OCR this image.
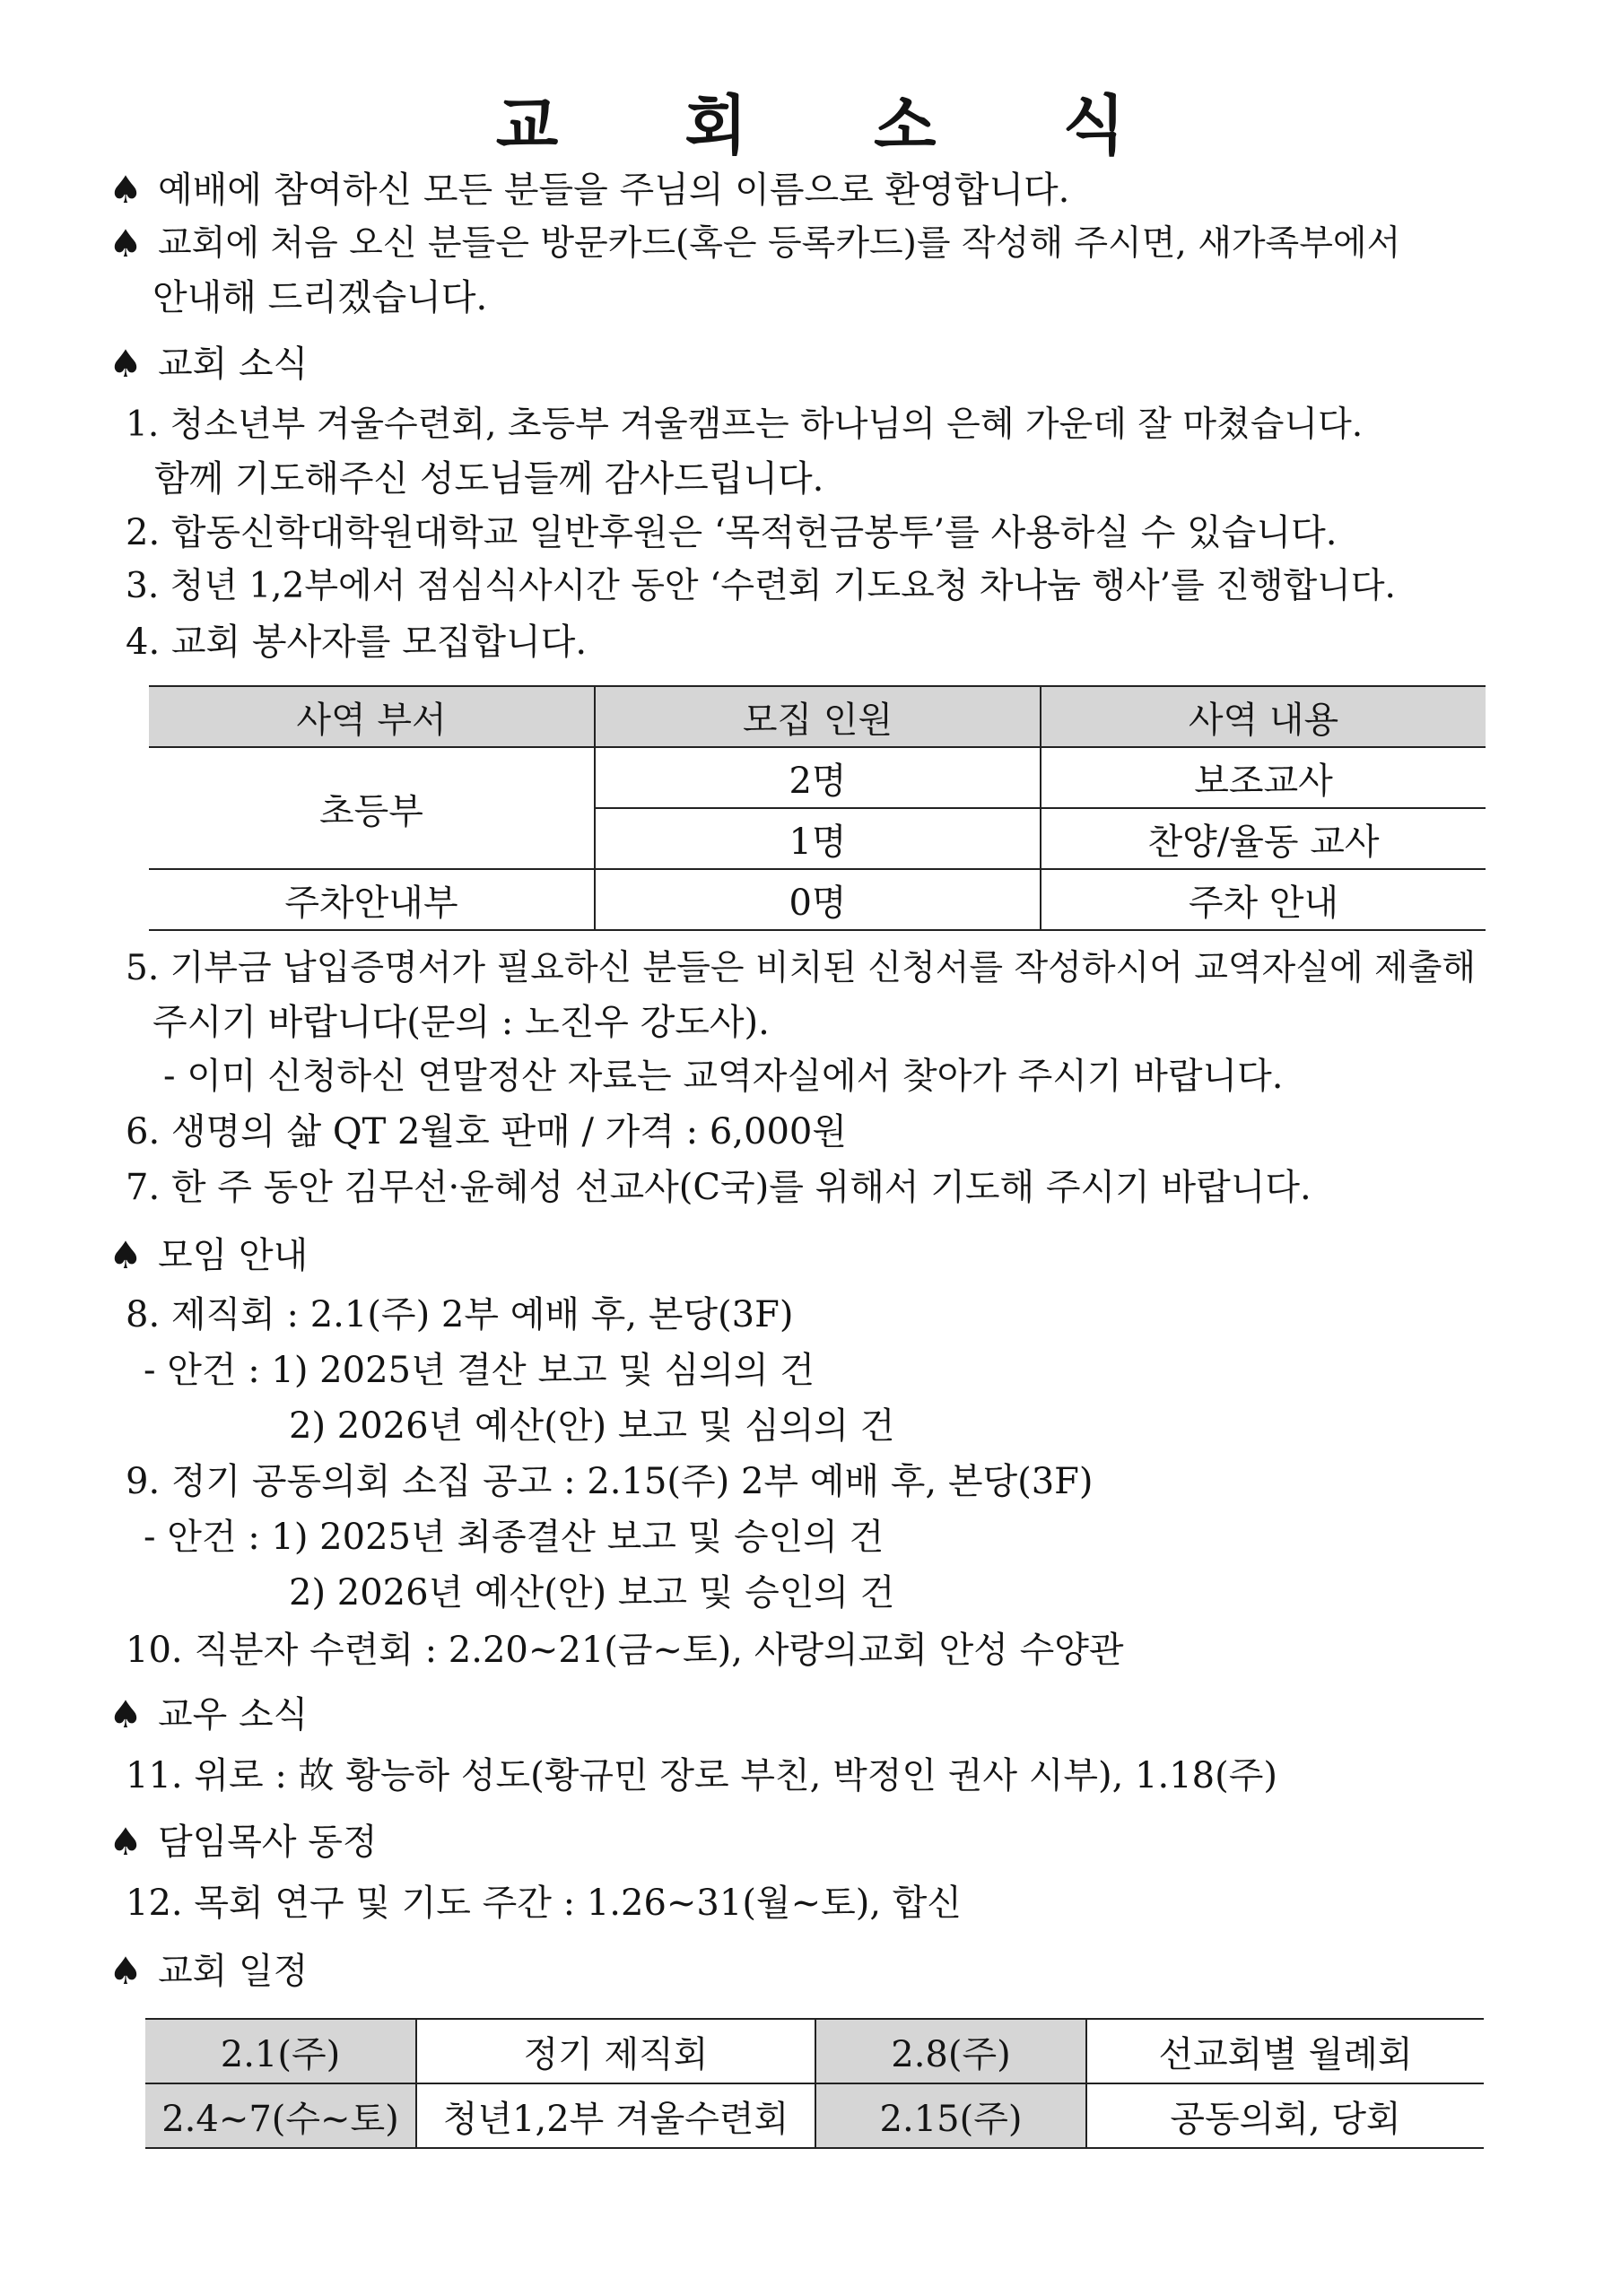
교 회 소 식
♠ 예배에 참여하신 모든 분들을 주님의 이름으로 환영합니다.
♠ 교회에 처음 오신 분들은 방문카드(혹은 등록카드)를 작성해 주시면, 새가족부에서
안내해 드리겠습니다.
♠ 교회 소식
1. 청소년부 겨울수련회, 초등부 겨울캠프는 하나님의 은혜 가운데 잘 마쳤습니다.
함께 기도해주신 성도님들께 감사드립니다.
2. 합동신학대학원대학교 일반후원은 ‘목적헌금봉투’를 사용하실 수 있습니다.
3. 청년 1,2부에서 점심식사시간 동안 ‘수련회 기도요청 차나눔 행사’를 진행합니다.
4. 교회 봉사자를 모집합니다.
사역 부서	모집 인원	사역 내용
초등부	2명	보조교사
	1명	찬양/율동 교사
주차안내부	0명	주차 안내
5. 기부금 납입증명서가 필요하신 분들은 비치된 신청서를 작성하시어 교역자실에 제출해
주시기 바랍니다(문의 : 노진우 강도사).
- 이미 신청하신 연말정산 자료는 교역자실에서 찾아가 주시기 바랍니다.
6. 생명의 삶 QT 2월호 판매 / 가격 : 6,000원
7. 한 주 동안 김무선·윤혜성 선교사(C국)를 위해서 기도해 주시기 바랍니다.
♠ 모임 안내
8. 제직회 : 2.1(주) 2부 예배 후, 본당(3F)
- 안건 : 1) 2025년 결산 보고 및 심의의 건
2) 2026년 예산(안) 보고 및 심의의 건
9. 정기 공동의회 소집 공고 : 2.15(주) 2부 예배 후, 본당(3F)
- 안건 : 1) 2025년 최종결산 보고 및 승인의 건
2) 2026년 예산(안) 보고 및 승인의 건
10. 직분자 수련회 : 2.20~21(금~토), 사랑의교회 안성 수양관
♠ 교우 소식
11. 위로 : 故 황능하 성도(황규민 장로 부친, 박정인 권사 시부), 1.18(주)
♠ 담임목사 동정
12. 목회 연구 및 기도 주간 : 1.26~31(월~토), 합신
♠ 교회 일정
2.1(주)	정기 제직회	2.8(주)	선교회별 월례회
2.4~7(수~토)	청년1,2부 겨울수련회	2.15(주)	공동의회, 당회
